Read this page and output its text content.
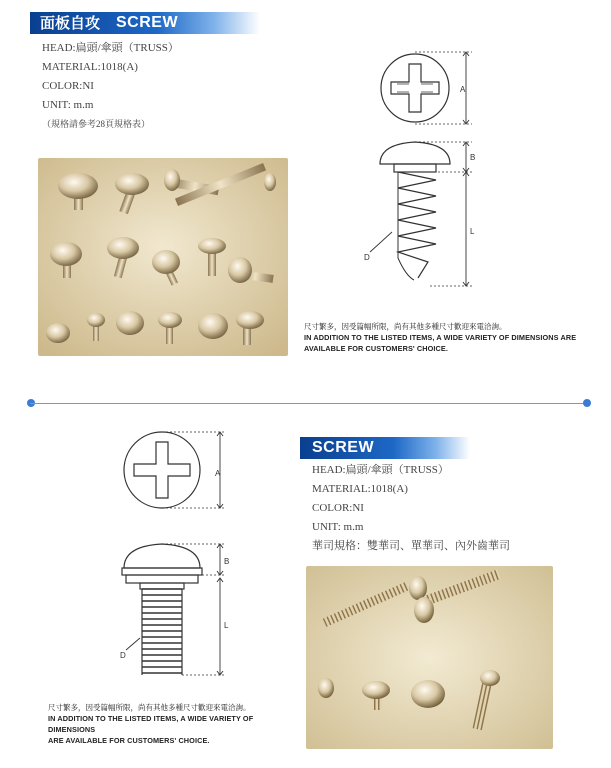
面板自攻 SCREW
HEAD:扁頭/傘頭（TRUSS）
MATERIAL:1018(A)
COLOR:NI
UNIT: m.m
（規格請參考28頁規格表）
A
B
L
D
尺寸繁多，因受篇幅所限，尚有其他多種尺寸歡迎來電洽詢。
IN ADDITION TO THE LISTED ITEMS, A WIDE VARIETY OF DIMENSIONS ARE
AVAILABLE FOR CUSTOMERS' CHOICE.
SCREW
HEAD:扁頭/傘頭（TRUSS）
MATERIAL:1018(A)
COLOR:NI
UNIT: m.m
華司規格：雙華司、單華司、內外齒華司
A
B
L
D
尺寸繁多，因受篇幅所限，尚有其他多種尺寸歡迎來電洽詢。
IN ADDITION TO THE LISTED ITEMS, A WIDE VARIETY OF DIMENSIONS
ARE AVAILABLE FOR CUSTOMERS' CHOICE.
